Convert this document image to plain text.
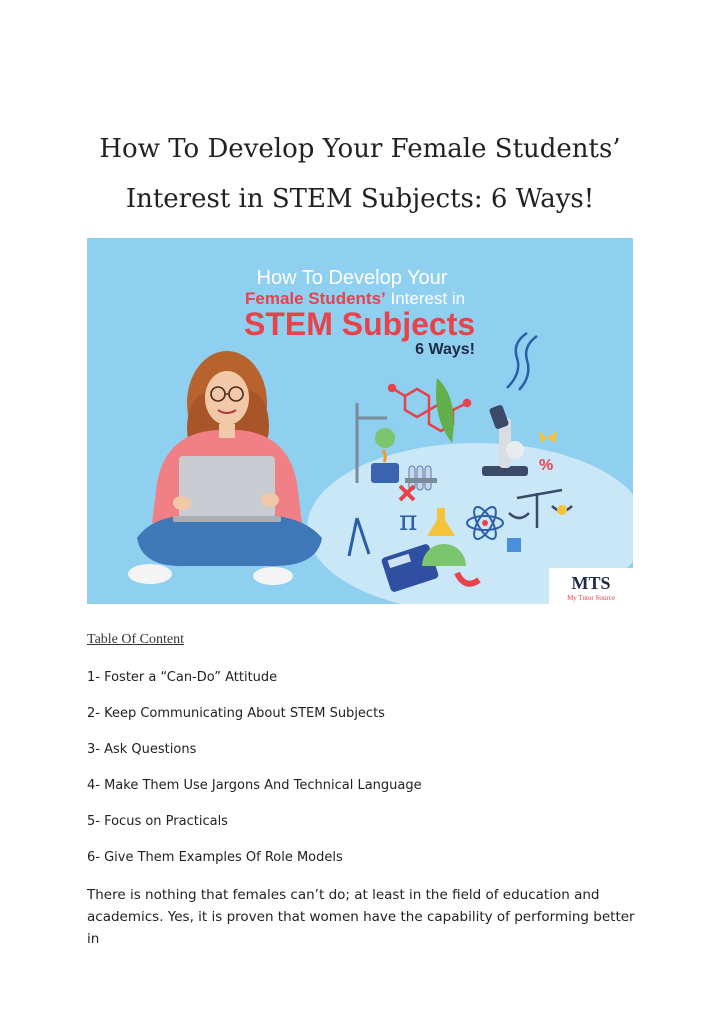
How To Develop Your Female Students’
Interest in STEM Subjects: 6 Ways!
How To Develop Your
Female Students’ Interest in
STEM Subjects
6 Ways!
%
π
MTS
My Tutor Source

Table Of Content

1- Foster a “Can-Do” Attitude

2- Keep Communicating About STEM Subjects

3- Ask Questions

4- Make Them Use Jargons And Technical Language

5- Focus on Practicals

6- Give Them Examples Of Role Models

There is nothing that females can’t do; at least in the field of education and
academics. Yes, it is proven that women have the capability of performing better in
